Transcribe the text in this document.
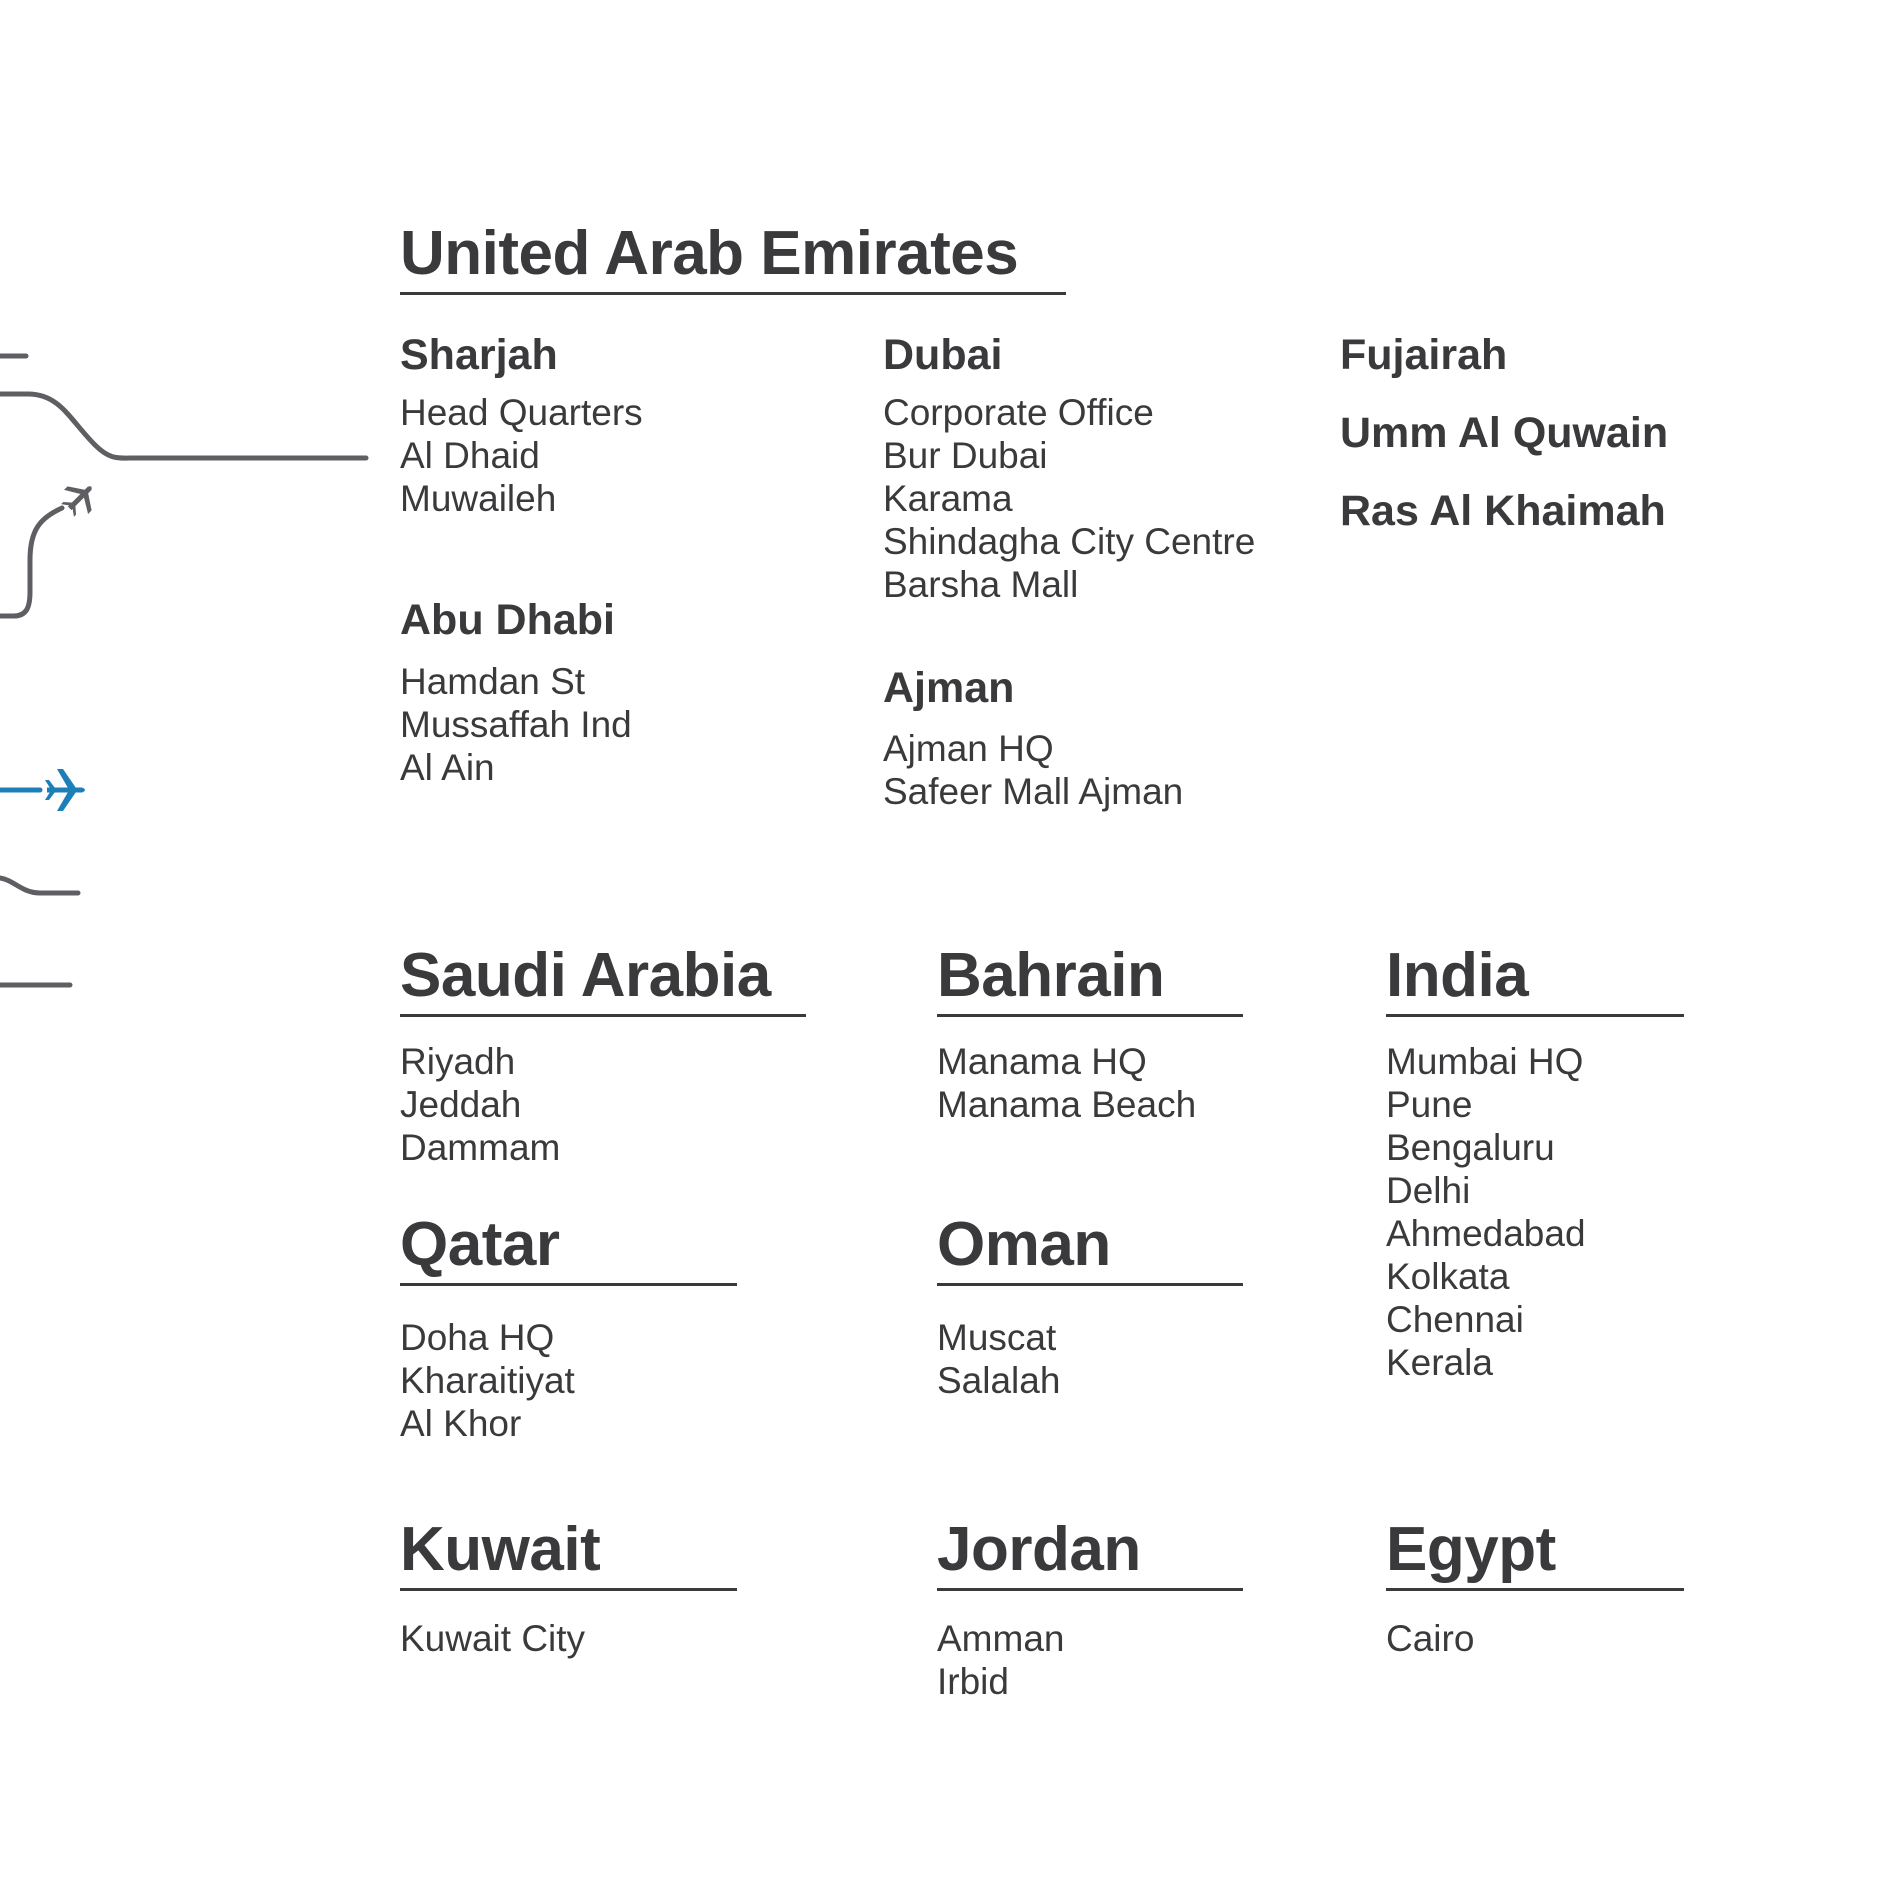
United Arab Emirates
Sharjah
Head Quarters
Al Dhaid
Muwaileh
Dubai
Corporate Office
Bur Dubai
Karama
Shindagha City Centre
Barsha Mall
Fujairah
Umm Al Quwain
Ras Al Khaimah
Abu Dhabi
Hamdan St
Mussaffah Ind
Al Ain
Ajman
Ajman HQ
Safeer Mall Ajman
Saudi Arabia
Riyadh
Jeddah
Dammam
Bahrain
Manama HQ
Manama Beach
India
Mumbai HQ
Pune
Bengaluru
Delhi
Ahmedabad
Kolkata
Chennai
Kerala
Qatar
Doha HQ
Kharaitiyat
Al Khor
Oman
Muscat
Salalah
Kuwait
Kuwait City
Jordan
Amman
Irbid
Egypt
Cairo
